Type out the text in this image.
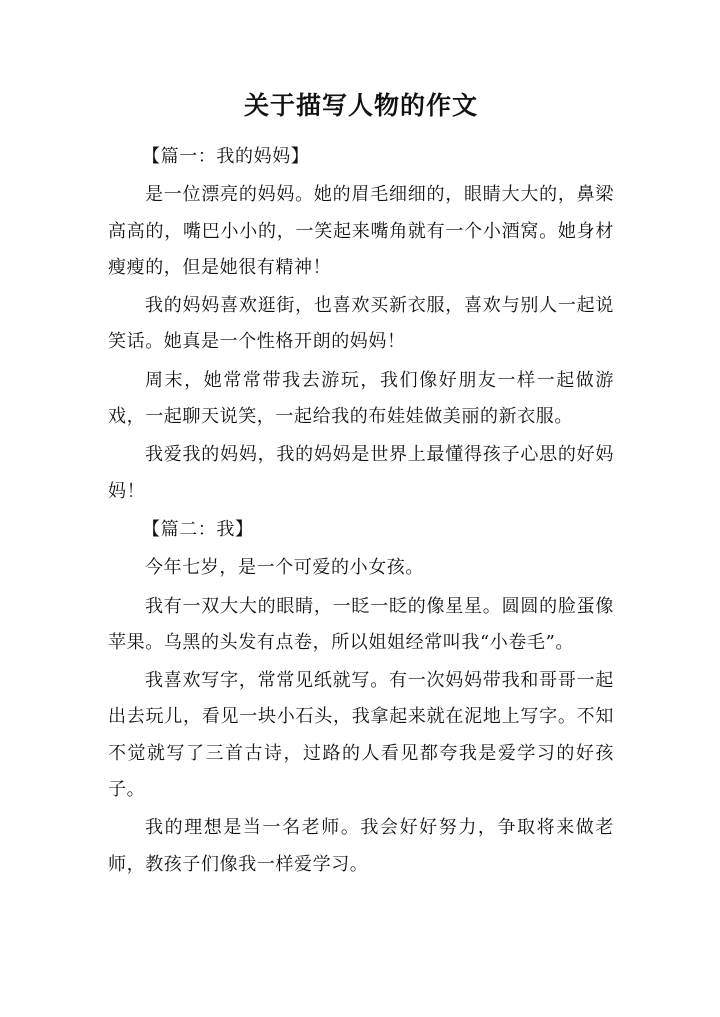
关于描写人物的作文
【篇一：我的妈妈】

是一位漂亮的妈妈。她的眉毛细细的，眼睛大大的，鼻梁高高的，嘴巴小小的，一笑起来嘴角就有一个小酒窝。她身材瘦瘦的，但是她很有精神！

我的妈妈喜欢逛街，也喜欢买新衣服，喜欢与别人一起说笑话。她真是一个性格开朗的妈妈！

周末，她常常带我去游玩，我们像好朋友一样一起做游戏，一起聊天说笑，一起给我的布娃娃做美丽的新衣服。

我爱我的妈妈，我的妈妈是世界上最懂得孩子心思的好妈妈！

【篇二：我】

今年七岁，是一个可爱的小女孩。

我有一双大大的眼睛，一眨一眨的像星星。圆圆的脸蛋像苹果。乌黑的头发有点卷，所以姐姐经常叫我“小卷毛”。

我喜欢写字，常常见纸就写。有一次妈妈带我和哥哥一起出去玩儿，看见一块小石头，我拿起来就在泥地上写字。不知不觉就写了三首古诗，过路的人看见都夸我是爱学习的好孩子。

我的理想是当一名老师。我会好好努力，争取将来做老师，教孩子们像我一样爱学习。
